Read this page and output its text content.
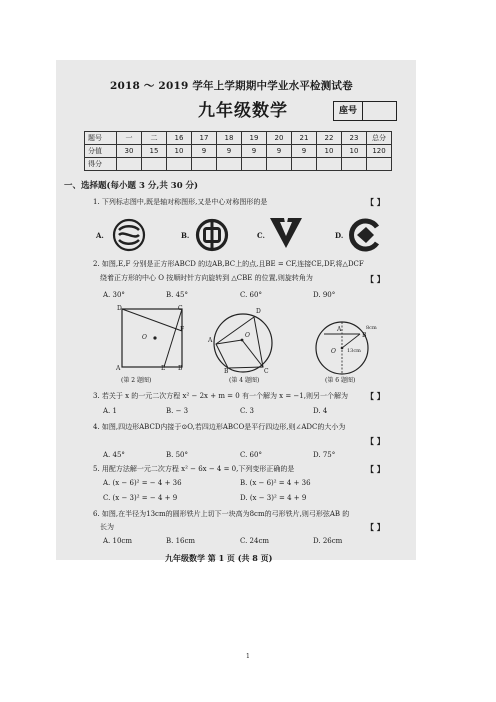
2018 ～ 2019 学年上学期期中学业水平检测试卷
九年级数学	座号
题号	一	二	16	17	18	19	20	21	22	23	总分
分值	30	15	10	9	9	9	9	9	10	10	120
得分											
一、选择题(每小题 3 分,共 30 分)
1. 下列标志图中,既是轴对称图形,又是中心对称图形的是	【 】
A.	B.	C.	D.
2. 如图,E,F 分别是正方形ABCD 的边AB,BC上的点,且BE = CF,连接CE,DF,将△DCF
绕着正方形的中心 O 按顺时针方向旋转到 △CBE 的位置,则旋转角为	【 】
A. 30°	B. 45°	C. 60°	D. 90°
D	C
F
O
A	E B
(第 2 题图)
D
A
O
B	C
(第 4 题图)
A
B
8cm
O 13cm
(第 6 题图)
3. 若关于 x 的一元二次方程 x² − 2x + m = 0 有一个解为 x = −1,则另一个解为 【 】
A. 1	B. − 3	C. 3	D. 4
4. 如图,四边形ABCD内接于⊙O,若四边形ABCO是平行四边形,则∠ADC的大小为
【 】
A. 45°	B. 50°	C. 60°	D. 75°
5. 用配方法解一元二次方程 x² − 6x − 4 = 0,下列变形正确的是	【 】
A. (x − 6)² = − 4 + 36	B. (x − 6)² = 4 + 36
C. (x − 3)² = − 4 + 9	D. (x − 3)² = 4 + 9
6. 如图,在半径为13cm的圆形铁片上切下一块高为8cm的弓形铁片,则弓形弦AB 的
长为	【 】
A. 10cm	B. 16cm	C. 24cm	D. 26cm
九年级数学 第 1 页 (共 8 页)
1
